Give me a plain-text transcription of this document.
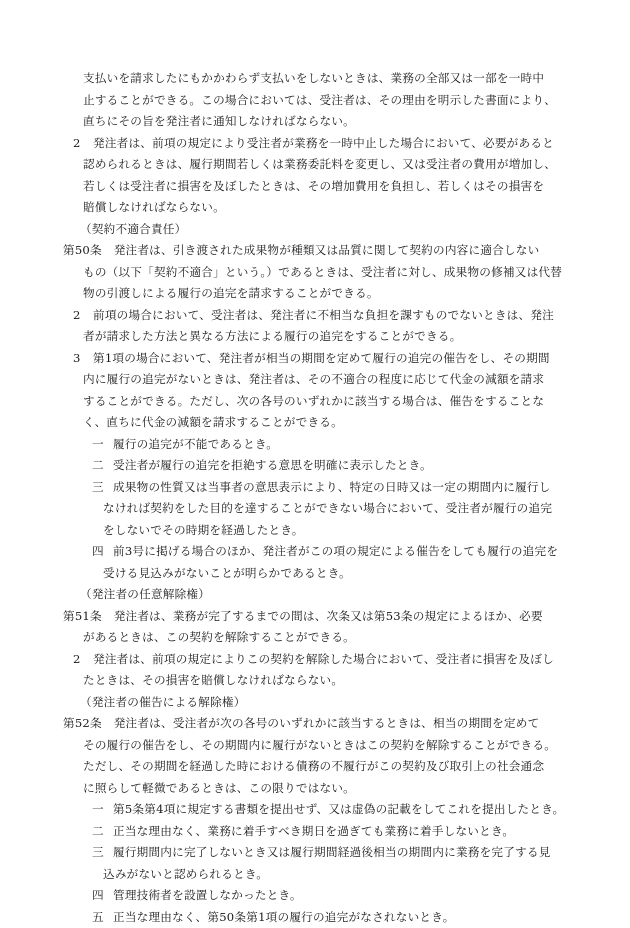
支払いを請求したにもかかわらず支払いをしないときは、業務の全部又は一部を一時中
止することができる。この場合においては、受注者は、その理由を明示した書面により、
直ちにその旨を発注者に通知しなければならない。
2 発注者は、前項の規定により受注者が業務を一時中止した場合において、必要があると
認められるときは、履行期間若しくは業務委託料を変更し、又は受注者の費用が増加し、
若しくは受注者に損害を及ぼしたときは、その増加費用を負担し、若しくはその損害を
賠償しなければならない。
（契約不適合責任）
第50条　発注者は、引き渡された成果物が種類又は品質に関して契約の内容に適合しない
もの（以下「契約不適合」という。）であるときは、受注者に対し、成果物の修補又は代替
物の引渡しによる履行の追完を請求することができる。
2 前項の場合において、受注者は、発注者に不相当な負担を課すものでないときは、発注
者が請求した方法と異なる方法による履行の追完をすることができる。
3 第1項の場合において、発注者が相当の期間を定めて履行の追完の催告をし、その期間
内に履行の追完がないときは、発注者は、その不適合の程度に応じて代金の減額を請求
することができる。ただし、次の各号のいずれかに該当する場合は、催告をすることな
く、直ちに代金の減額を請求することができる。
一 履行の追完が不能であるとき。
二 受注者が履行の追完を拒絶する意思を明確に表示したとき。
三 成果物の性質又は当事者の意思表示により、特定の日時又は一定の期間内に履行し
なければ契約をした目的を達することができない場合において、受注者が履行の追完
をしないでその時期を経過したとき。
四 前3号に掲げる場合のほか、発注者がこの項の規定による催告をしても履行の追完を
受ける見込みがないことが明らかであるとき。
（発注者の任意解除権）
第51条　発注者は、業務が完了するまでの間は、次条又は第53条の規定によるほか、必要
があるときは、この契約を解除することができる。
2 発注者は、前項の規定によりこの契約を解除した場合において、受注者に損害を及ぼし
たときは、その損害を賠償しなければならない。
（発注者の催告による解除権）
第52条　発注者は、受注者が次の各号のいずれかに該当するときは、相当の期間を定めて
その履行の催告をし、その期間内に履行がないときはこの契約を解除することができる。
ただし、その期間を経過した時における債務の不履行がこの契約及び取引上の社会通念
に照らして軽微であるときは、この限りではない。
一 第5条第4項に規定する書類を提出せず、又は虚偽の記載をしてこれを提出したとき。
二 正当な理由なく、業務に着手すべき期日を過ぎても業務に着手しないとき。
三 履行期間内に完了しないとき又は履行期間経過後相当の期間内に業務を完了する見
込みがないと認められるとき。
四 管理技術者を設置しなかったとき。
五 正当な理由なく、第50条第1項の履行の追完がなされないとき。
